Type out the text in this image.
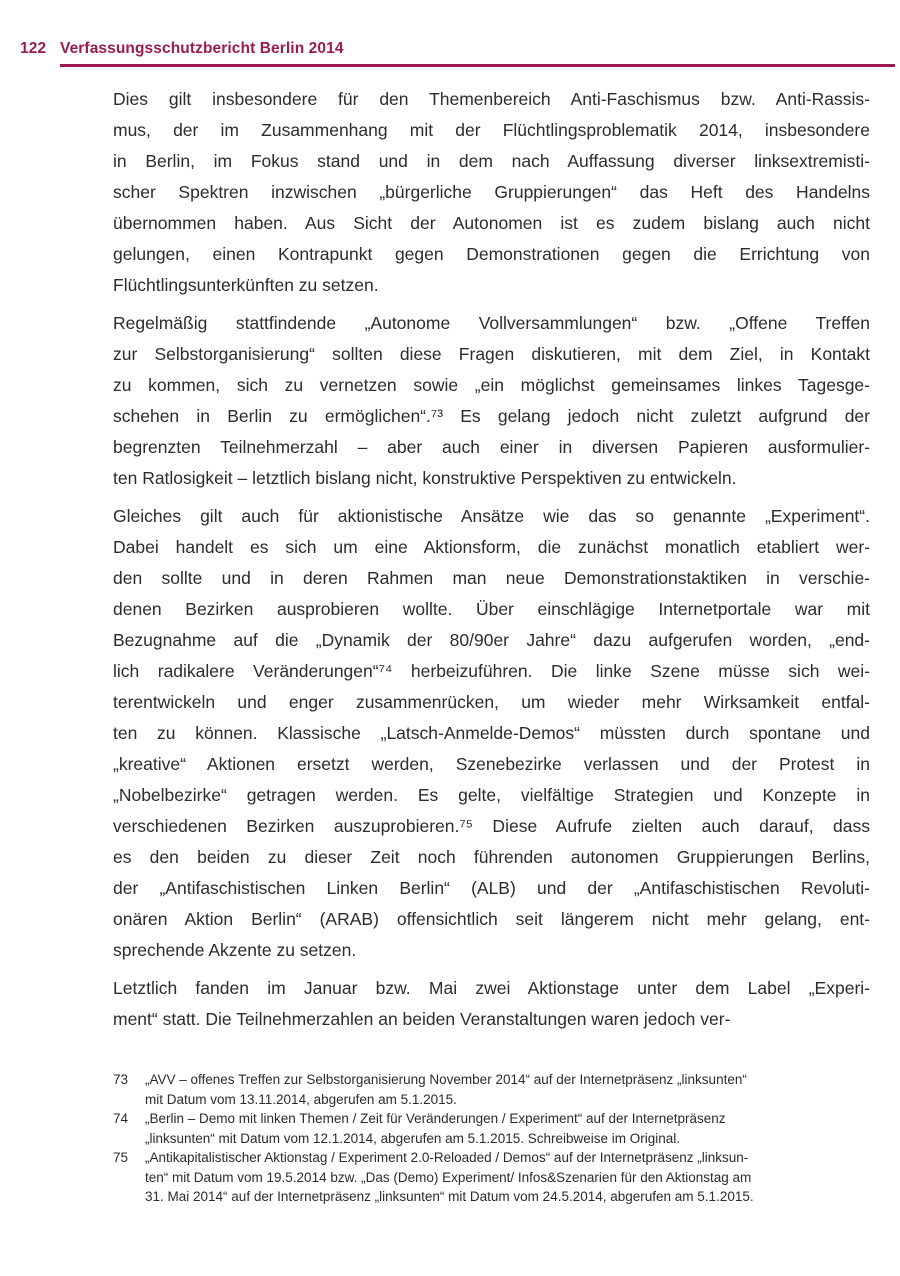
122 Verfassungsschutzbericht Berlin 2014
Dies gilt insbesondere für den Themenbereich Anti-Faschismus bzw. Anti-Rassis-
mus, der im Zusammenhang mit der Flüchtlingsproblematik 2014, insbesondere
in Berlin, im Fokus stand und in dem nach Auffassung diverser linksextremisti-
scher Spektren inzwischen „bürgerliche Gruppierungen“ das Heft des Handelns
übernommen haben. Aus Sicht der Autonomen ist es zudem bislang auch nicht
gelungen, einen Kontrapunkt gegen Demonstrationen gegen die Errichtung von
Flüchtlingsunterkünften zu setzen.
Regelmäßig stattfindende „Autonome Vollversammlungen“ bzw. „Offene Treffen
zur Selbstorganisierung“ sollten diese Fragen diskutieren, mit dem Ziel, in Kontakt
zu kommen, sich zu vernetzen sowie „ein möglichst gemeinsames linkes Tagesge-
schehen in Berlin zu ermöglichen“.⁷³ Es gelang jedoch nicht zuletzt aufgrund der
begrenzten Teilnehmerzahl – aber auch einer in diversen Papieren ausformulier-
ten Ratlosigkeit – letztlich bislang nicht, konstruktive Perspektiven zu entwickeln.
Gleiches gilt auch für aktionistische Ansätze wie das so genannte „Experiment“.
Dabei handelt es sich um eine Aktionsform, die zunächst monatlich etabliert wer-
den sollte und in deren Rahmen man neue Demonstrationstaktiken in verschie-
denen Bezirken ausprobieren wollte. Über einschlägige Internetportale war mit
Bezugnahme auf die „Dynamik der 80/90er Jahre“ dazu aufgerufen worden, „end-
lich radikalere Veränderungen“⁷⁴ herbeizuführen. Die linke Szene müsse sich wei-
terentwickeln und enger zusammenrücken, um wieder mehr Wirksamkeit entfal-
ten zu können. Klassische „Latsch-Anmelde-Demos“ müssten durch spontane und
„kreative“ Aktionen ersetzt werden, Szenebezirke verlassen und der Protest in
„Nobelbezirke“ getragen werden. Es gelte, vielfältige Strategien und Konzepte in
verschiedenen Bezirken auszuprobieren.⁷⁵ Diese Aufrufe zielten auch darauf, dass
es den beiden zu dieser Zeit noch führenden autonomen Gruppierungen Berlins,
der „Antifaschistischen Linken Berlin“ (ALB) und der „Antifaschistischen Revoluti-
onären Aktion Berlin“ (ARAB) offensichtlich seit längerem nicht mehr gelang, ent-
sprechende Akzente zu setzen.
Letztlich fanden im Januar bzw. Mai zwei Aktionstage unter dem Label „Experi-
ment“ statt. Die Teilnehmerzahlen an beiden Veranstaltungen waren jedoch ver-
73	„AVV – offenes Treffen zur Selbstorganisierung November 2014“ auf der Internetpräsenz „linksunten“
mit Datum vom 13.11.2014, abgerufen am 5.1.2015.
74	„Berlin – Demo mit linken Themen / Zeit für Veränderungen / Experiment“ auf der Internetpräsenz
„linksunten“ mit Datum vom 12.1.2014, abgerufen am 5.1.2015. Schreibweise im Original.
75	„Antikapitalistischer Aktionstag / Experiment 2.0-Reloaded / Demos“ auf der Internetpräsenz „linksun-
ten“ mit Datum vom 19.5.2014 bzw. „Das (Demo) Experiment/ Infos&Szenarien für den Aktionstag am
31. Mai 2014“ auf der Internetpräsenz „linksunten“ mit Datum vom 24.5.2014, abgerufen am 5.1.2015.
